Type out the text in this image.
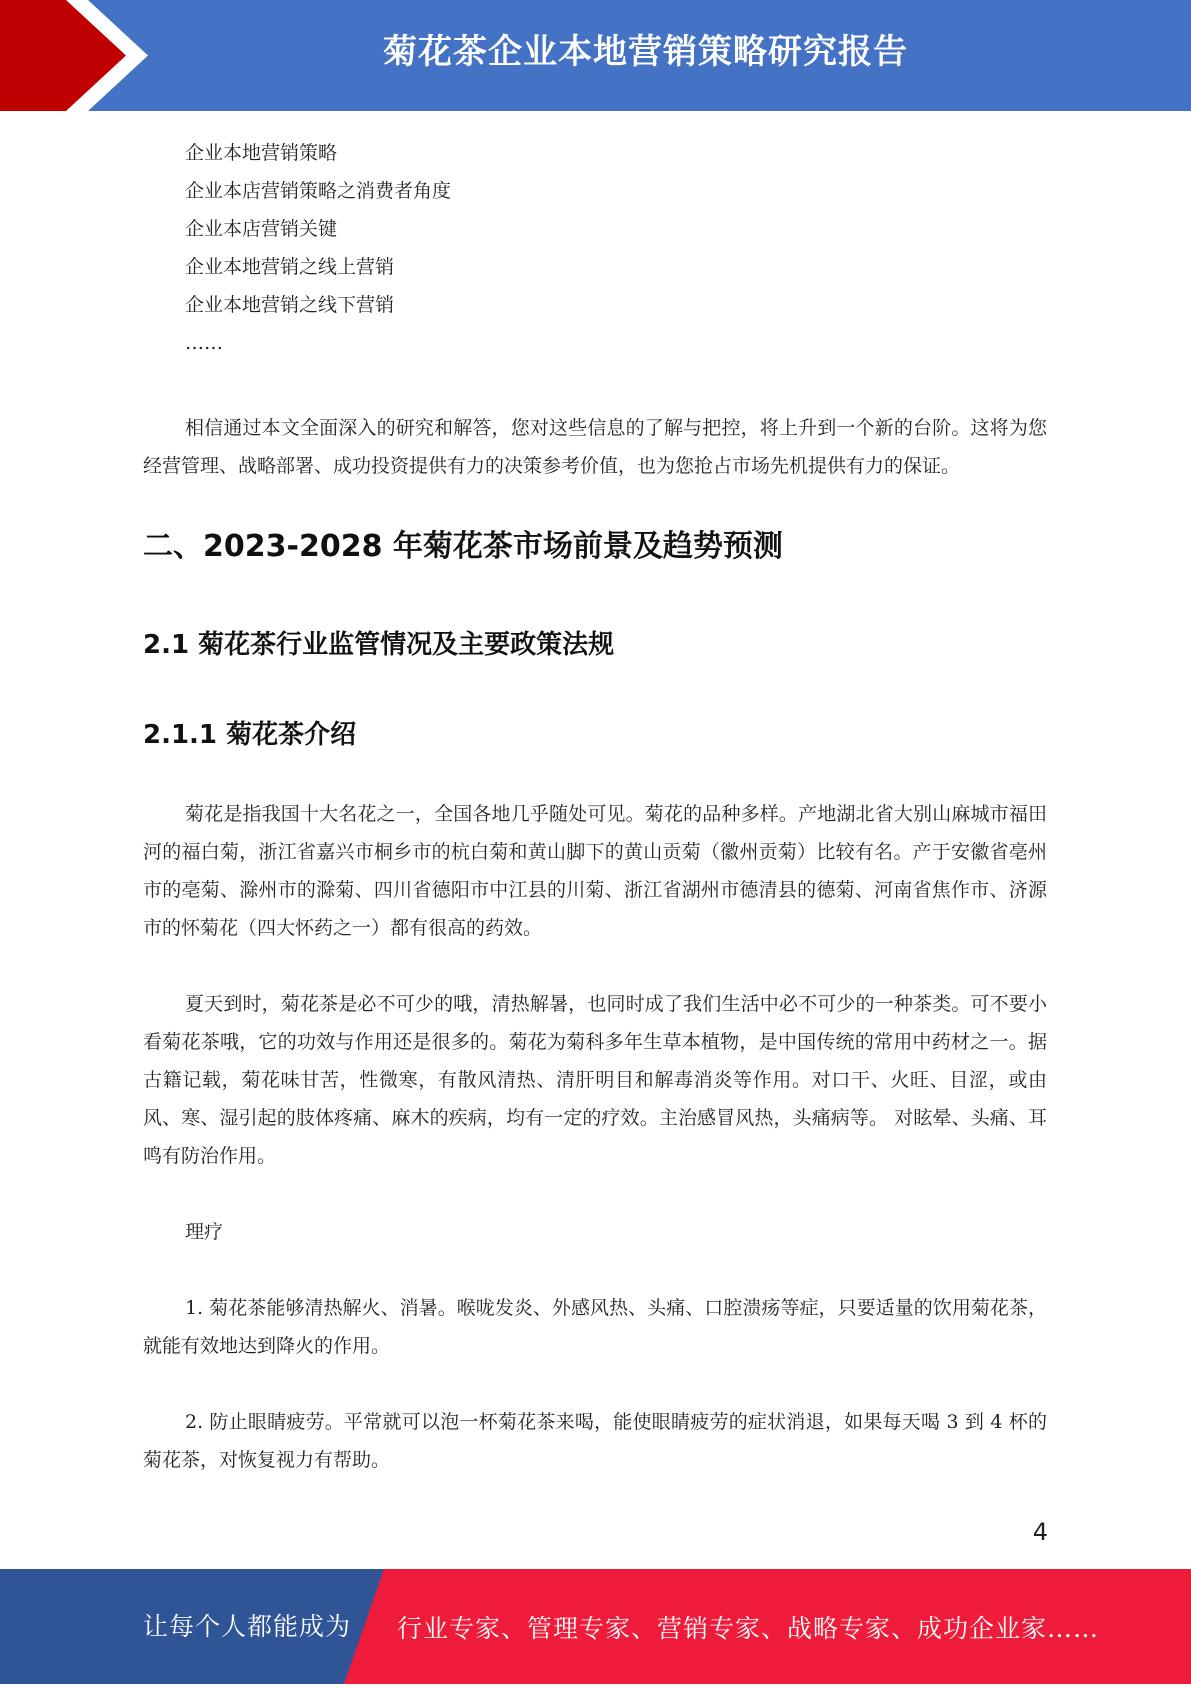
菊花茶企业本地营销策略研究报告
企业本地营销策略
企业本店营销策略之消费者角度
企业本店营销关键
企业本地营销之线上营销
企业本地营销之线下营销
……

相信通过本文全面深入的研究和解答，您对这些信息的了解与把控，将上升到一个新的台阶。这将为您经营管理、战略部署、成功投资提供有力的决策参考价值，也为您抢占市场先机提供有力的保证。

二、2023-2028 年菊花茶市场前景及趋势预测
2.1 菊花茶行业监管情况及主要政策法规
2.1.1 菊花茶介绍

菊花是指我国十大名花之一，全国各地几乎随处可见。菊花的品种多样。产地湖北省大别山麻城市福田河的福白菊，浙江省嘉兴市桐乡市的杭白菊和黄山脚下的黄山贡菊（徽州贡菊）比较有名。产于安徽省亳州市的亳菊、滁州市的滁菊、四川省德阳市中江县的川菊、浙江省湖州市德清县的德菊、河南省焦作市、济源市的怀菊花（四大怀药之一）都有很高的药效。

夏天到时，菊花茶是必不可少的哦，清热解暑，也同时成了我们生活中必不可少的一种茶类。可不要小看菊花茶哦，它的功效与作用还是很多的。菊花为菊科多年生草本植物，是中国传统的常用中药材之一。据古籍记载，菊花味甘苦，性微寒，有散风清热、清肝明目和解毒消炎等作用。对口干、火旺、目涩，或由风、寒、湿引起的肢体疼痛、麻木的疾病，均有一定的疗效。主治感冒风热，头痛病等。 对眩晕、头痛、耳鸣有防治作用。

理疗

1. 菊花茶能够清热解火、消暑。喉咙发炎、外感风热、头痛、口腔溃疡等症，只要适量的饮用菊花茶，就能有效地达到降火的作用。

2. 防止眼睛疲劳。平常就可以泡一杯菊花茶来喝，能使眼睛疲劳的症状消退，如果每天喝 3 到 4 杯的菊花茶，对恢复视力有帮助。

4
让每个人都能成为 行业专家、管理专家、营销专家、战略专家、成功企业家……
